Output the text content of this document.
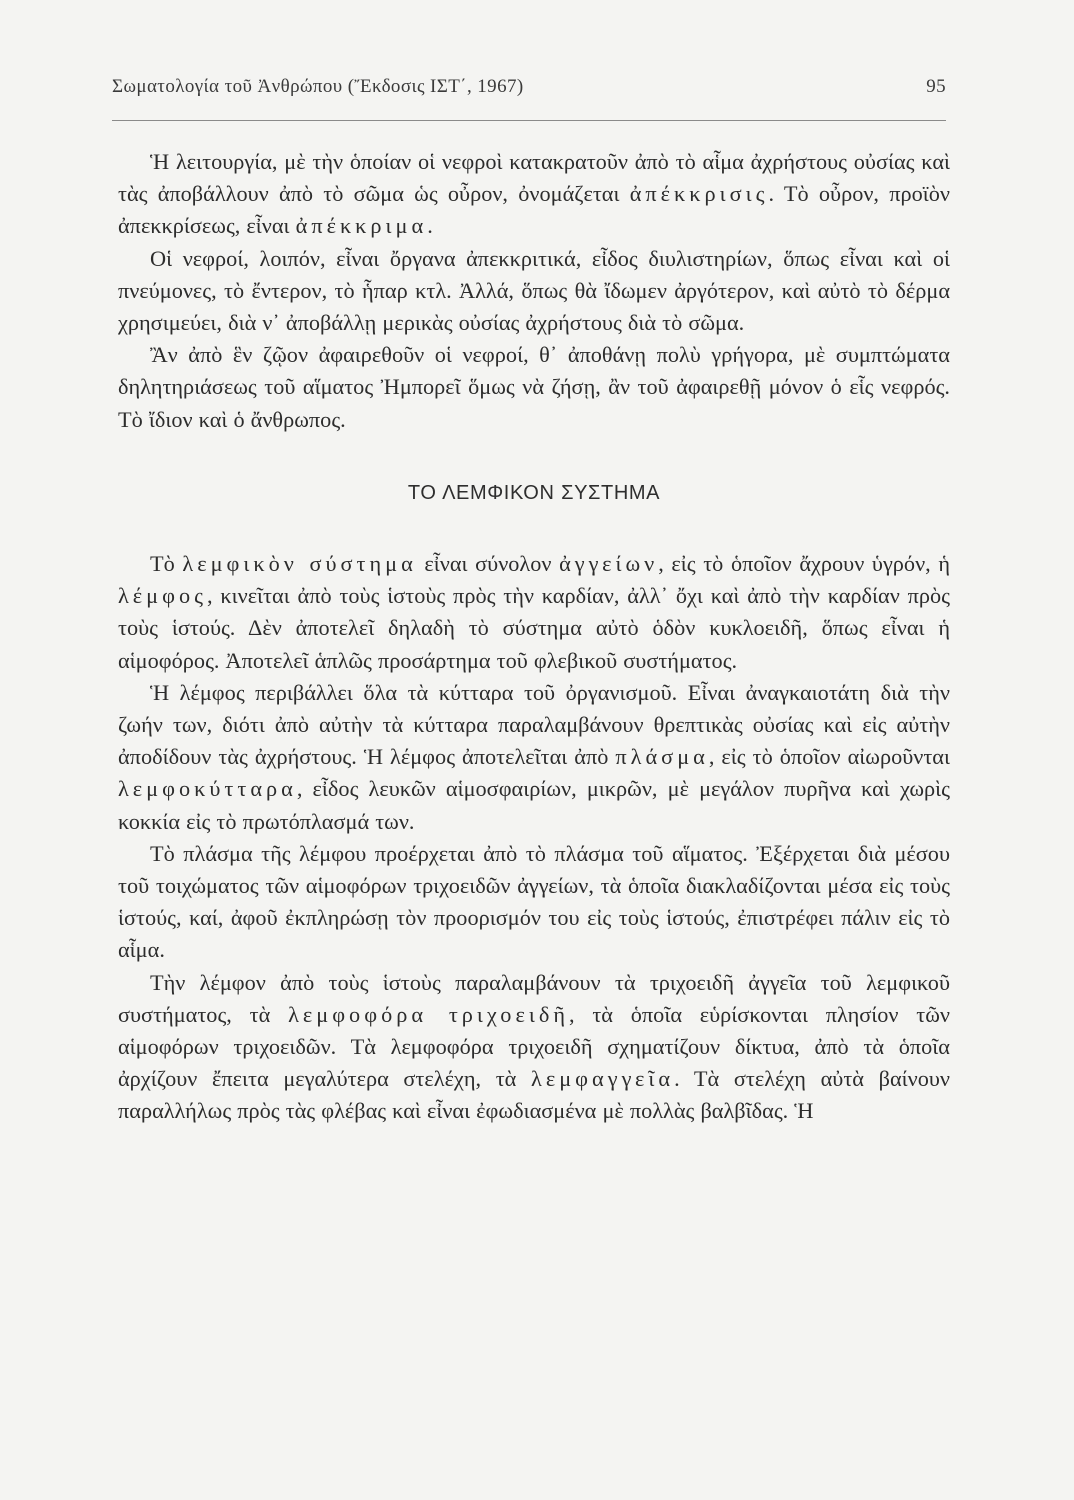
Σωματολογία τοῦ Ἀνθρώπου (Ἔκδοσις ΙΣΤ΄, 1967)	95

Ἡ λειτουργία, μὲ τὴν ὁποίαν οἱ νεφροὶ κατακρατοῦν ἀπὸ τὸ αἷμα ἀχρήστους οὐσίας καὶ τὰς ἀποβάλλουν ἀπὸ τὸ σῶμα ὡς οὖρον, ὀνομάζεται ἀπέκκρισις. Τὸ οὖρον, προϊὸν ἀπεκκρίσεως, εἶναι ἀπέκκριμα.

Οἱ νεφροί, λοιπόν, εἶναι ὄργανα ἀπεκκριτικά, εἶδος διυλιστηρίων, ὅπως εἶναι καὶ οἱ πνεύμονες, τὸ ἔντερον, τὸ ἧπαρ κτλ. Ἀλλά, ὅπως θὰ ἴδωμεν ἀργότερον, καὶ αὐτὸ τὸ δέρμα χρησιμεύει, διὰ ν᾽ ἀποβάλλῃ μερικὰς οὐσίας ἀχρήστους διὰ τὸ σῶμα.

Ἂν ἀπὸ ἓν ζῷον ἀφαιρεθοῦν οἱ νεφροί, θ᾽ ἀποθάνῃ πολὺ γρήγορα, μὲ συμπτώματα δηλητηριάσεως τοῦ αἵματος Ἠμπορεῖ ὅμως νὰ ζήσῃ, ἂν τοῦ ἀφαιρεθῇ μόνον ὁ εἷς νεφρός. Τὸ ἴδιον καὶ ὁ ἄνθρωπος.

ΤΟ ΛΕΜΦΙΚΟΝ ΣΥΣΤΗΜΑ

Τὸ λεμφικὸν σύστημα εἶναι σύνολον ἀγγείων, εἰς τὸ ὁποῖον ἄχρουν ὑγρόν, ἡ λέμφος, κινεῖται ἀπὸ τοὺς ἱστοὺς πρὸς τὴν καρδίαν, ἀλλ᾽ ὄχι καὶ ἀπὸ τὴν καρδίαν πρὸς τοὺς ἱστούς. Δὲν ἀποτελεῖ δηλαδὴ τὸ σύστημα αὐτὸ ὁδὸν κυκλοειδῆ, ὅπως εἶναι ἡ αἱμοφόρος. Ἀποτελεῖ ἁπλῶς προσάρτημα τοῦ φλεβικοῦ συστήματος.

Ἡ λέμφος περιβάλλει ὅλα τὰ κύτταρα τοῦ ὀργανισμοῦ. Εἶναι ἀναγκαιοτάτη διὰ τὴν ζωήν των, διότι ἀπὸ αὐτὴν τὰ κύτταρα παραλαμβάνουν θρεπτικὰς οὐσίας καὶ εἰς αὐτὴν ἀποδίδουν τὰς ἀχρήστους. Ἡ λέμφος ἀποτελεῖται ἀπὸ πλάσμα, εἰς τὸ ὁποῖον αἰωροῦνται λεμφοκύτταρα, εἶδος λευκῶν αἱμοσφαιρίων, μικρῶν, μὲ μεγάλον πυρῆνα καὶ χωρὶς κοκκία εἰς τὸ πρωτόπλασμά των.

Τὸ πλάσμα τῆς λέμφου προέρχεται ἀπὸ τὸ πλάσμα τοῦ αἵματος. Ἐξέρχεται διὰ μέσου τοῦ τοιχώματος τῶν αἱμοφόρων τριχοειδῶν ἀγγείων, τὰ ὁποῖα διακλαδίζονται μέσα εἰς τοὺς ἱστούς, καί, ἀφοῦ ἐκπληρώσῃ τὸν προορισμόν του εἰς τοὺς ἱστούς, ἐπιστρέφει πάλιν εἰς τὸ αἷμα.

Τὴν λέμφον ἀπὸ τοὺς ἱστοὺς παραλαμβάνουν τὰ τριχοειδῆ ἀγγεῖα τοῦ λεμφικοῦ συστήματος, τὰ λεμφοφόρα τριχοειδῆ, τὰ ὁποῖα εὑρίσκονται πλησίον τῶν αἱμοφόρων τριχοειδῶν. Τὰ λεμφοφόρα τριχοειδῆ σχηματίζουν δίκτυα, ἀπὸ τὰ ὁποῖα ἀρχίζουν ἔπειτα μεγαλύτερα στελέχη, τὰ λεμφαγγεῖα. Τὰ στελέχη αὐτὰ βαίνουν παραλλήλως πρὸς τὰς φλέβας καὶ εἶναι ἐφωδιασμένα μὲ πολλὰς βαλβῖδας. Ἡ
